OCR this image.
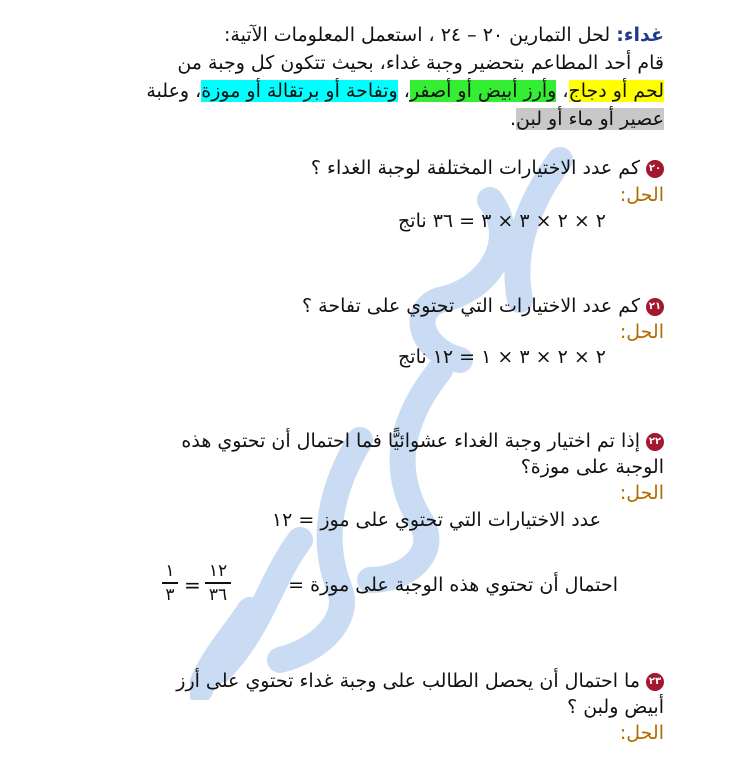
غداء: لحل التمارين ٢٠ – ٢٤ ، استعمل المعلومات الآتية:
قام أحد المطاعم بتحضير وجبة غداء، بحيث تتكون كل وجبة من
لحم أو دجاج، وأرز أبيض أو أصفر، وتفاحة أو برتقالة أو موزة، وعلبة
عصير أو ماء أو لبن.
٢٠
كم عدد الاختيارات المختلفة لوجبة الغداء ؟
الحل:
٢ × ٢ × ٣ × ٣ = ٣٦ ناتج
٢١
كم عدد الاختيارات التي تحتوي على تفاحة ؟
الحل:
٢ × ٢ × ٣ × ١ = ١٢ ناتج
٢٢
إذا تم اختيار وجبة الغداء عشوائيًّا فما احتمال أن تحتوي هذه
الوجبة على موزة؟
الحل:
عدد الاختيارات التي تحتوي على موز = ١٢
احتمال أن تحتوي هذه الوجبة على موزة =
١٢
٣٦
=
١
٣
٢٣
ما احتمال أن يحصل الطالب على وجبة غداء تحتوي على أرز
أبيض ولبن ؟
الحل:
